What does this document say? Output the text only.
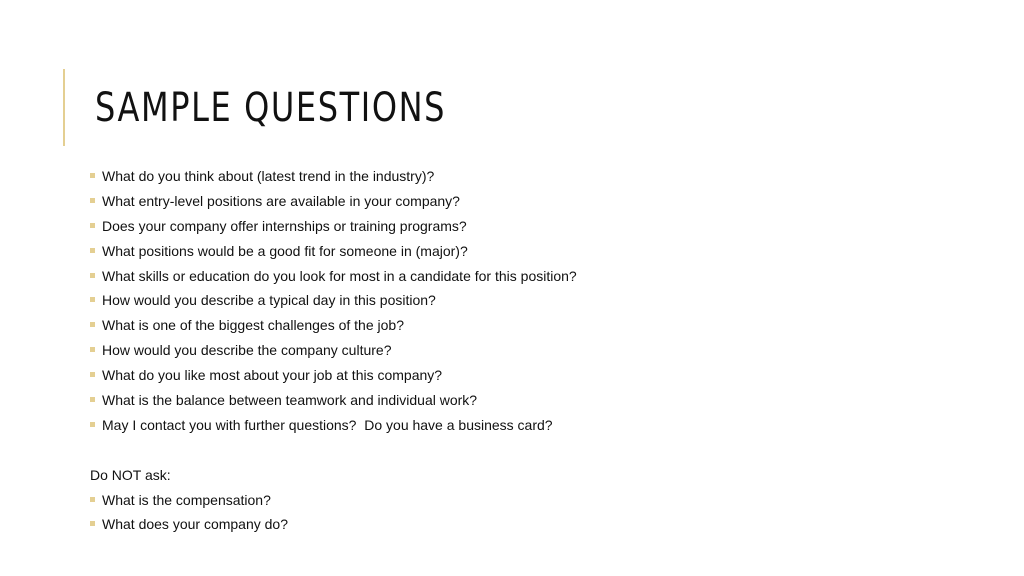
SAMPLE QUESTIONS
What do you think about (latest trend in the industry)?
What entry-level positions are available in your company?
Does your company offer internships or training programs?
What positions would be a good fit for someone in (major)?
What skills or education do you look for most in a candidate for this position?
How would you describe a typical day in this position?
What is one of the biggest challenges of the job?
How would you describe the company culture?
What do you like most about your job at this company?
What is the balance between teamwork and individual work?
May I contact you with further questions?  Do you have a business card?
Do NOT ask:
What is the compensation?
What does your company do?
